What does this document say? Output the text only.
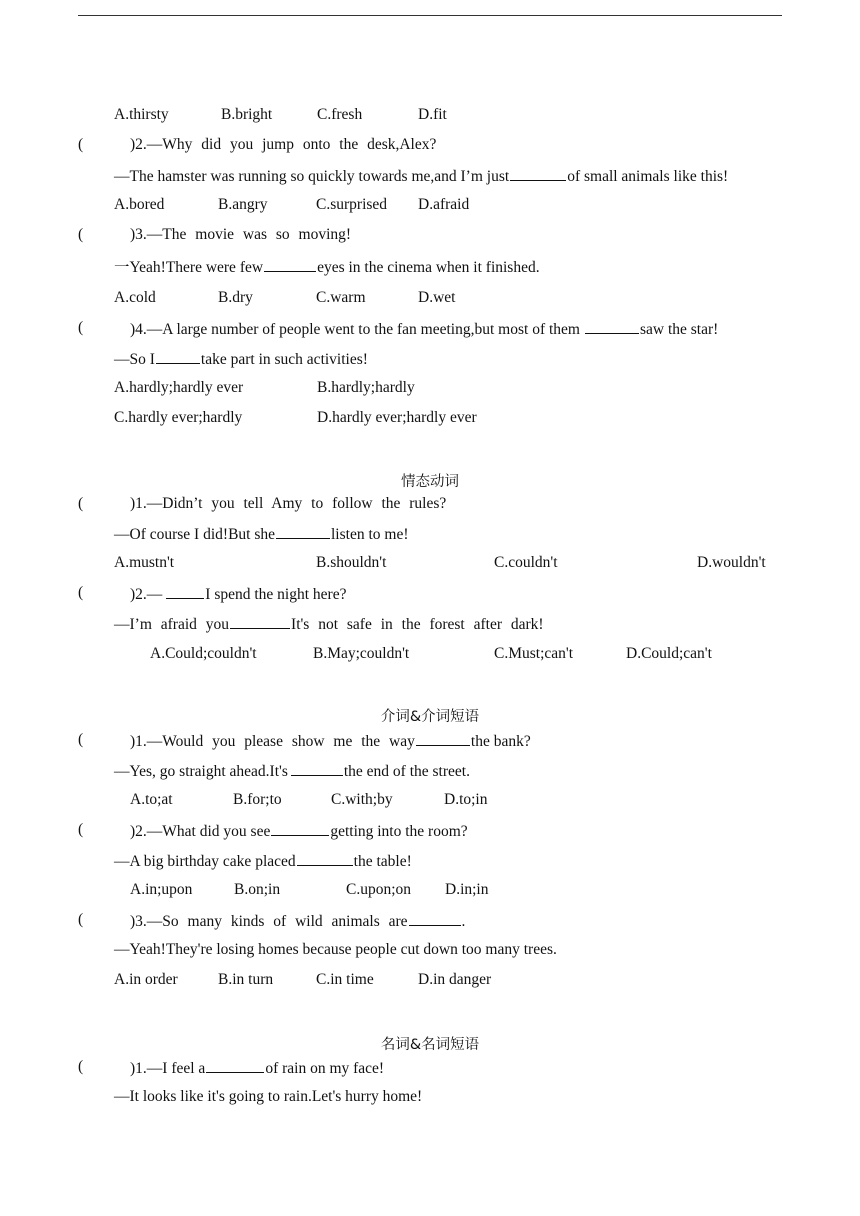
A.thirsty	B.bright	C.fresh	D.fit
(	)2.—Why did you jump onto the desk,Alex?
—The hamster was running so quickly towards me,and I’m just	of small animals like this!
A.bored	B.angry	C.surprised D.afraid
(	)3.—The movie was so moving!
一Yeah!There were few	eyes in the cinema when it finished.
A.cold	B.dry	C.warm	D.wet
(	)4.—A large number of people went to the fan meeting,but most of them	saw the star!
—So I	take part in such activities!
A.hardly;hardly ever	B.hardly;hardly
C.hardly ever;hardly	D.hardly ever;hardly ever
情态动词
(	)1.—Didn’t you tell Amy to follow the rules?
—Of course I did!But she	listen to me!
A.mustn't	B.shouldn't	C.couldn't	D.wouldn't
(	)2.—	I spend the night here?
—I’m afraid you	It's not safe in the forest after dark!
A.Could;couldn't	B.May;couldn't	C.Must;can't	D.Could;can't
介词&介词短语
(	)1.—Would you please show me the way	the bank?
—Yes, go straight ahead.It's	the end of the street.
A.to;at	B.for;to	C.with;by	D.to;in
(	)2.—What did you see	getting into the room?
—A big birthday cake placed	the table!
A.in;upon	B.on;in	C.upon;on D.in;in
(	)3.—So many kinds of wild animals are	.
—Yeah!They're losing homes because people cut down too many trees.
A.in order	B.in turn	C.in time	D.in danger
名词&名词短语
(	)1.—I feel a	of rain on my face!
—It looks like it's going to rain.Let's hurry home!
